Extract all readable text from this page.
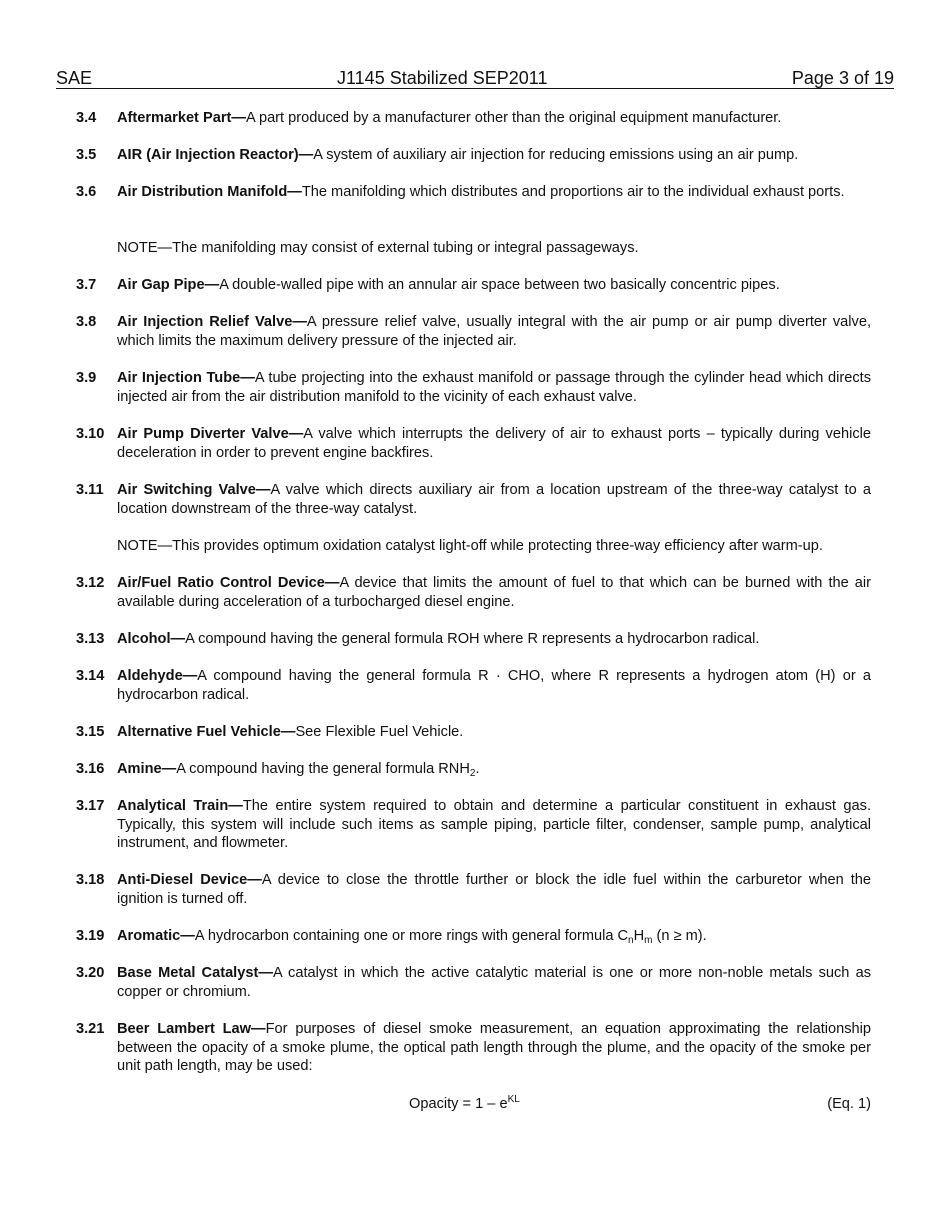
SAE	J1145 Stabilized SEP2011	Page 3 of 19
3.4 Aftermarket Part—A part produced by a manufacturer other than the original equipment manufacturer.
3.5 AIR (Air Injection Reactor)—A system of auxiliary air injection for reducing emissions using an air pump.
3.6 Air Distribution Manifold—The manifolding which distributes and proportions air to the individual exhaust ports.
NOTE—The manifolding may consist of external tubing or integral passageways.
3.7 Air Gap Pipe—A double-walled pipe with an annular air space between two basically concentric pipes.
3.8 Air Injection Relief Valve—A pressure relief valve, usually integral with the air pump or air pump diverter valve, which limits the maximum delivery pressure of the injected air.
3.9 Air Injection Tube—A tube projecting into the exhaust manifold or passage through the cylinder head which directs injected air from the air distribution manifold to the vicinity of each exhaust valve.
3.10 Air Pump Diverter Valve—A valve which interrupts the delivery of air to exhaust ports – typically during vehicle deceleration in order to prevent engine backfires.
3.11 Air Switching Valve—A valve which directs auxiliary air from a location upstream of the three-way catalyst to a location downstream of the three-way catalyst.
NOTE—This provides optimum oxidation catalyst light-off while protecting three-way efficiency after warm-up.
3.12 Air/Fuel Ratio Control Device—A device that limits the amount of fuel to that which can be burned with the air available during acceleration of a turbocharged diesel engine.
3.13 Alcohol—A compound having the general formula ROH where R represents a hydrocarbon radical.
3.14 Aldehyde—A compound having the general formula R · CHO, where R represents a hydrogen atom (H) or a hydrocarbon radical.
3.15 Alternative Fuel Vehicle—See Flexible Fuel Vehicle.
3.16 Amine—A compound having the general formula $RNH_2$.
3.17 Analytical Train—The entire system required to obtain and determine a particular constituent in exhaust gas. Typically, this system will include such items as sample piping, particle filter, condenser, sample pump, analytical instrument, and flowmeter.
3.18 Anti-Diesel Device—A device to close the throttle further or block the idle fuel within the carburetor when the ignition is turned off.
3.19 Aromatic—A hydrocarbon containing one or more rings with general formula $C_nH_m$ (n ≥ m).
3.20 Base Metal Catalyst—A catalyst in which the active catalytic material is one or more non-noble metals such as copper or chromium.
3.21 Beer Lambert Law—For purposes of diesel smoke measurement, an equation approximating the relationship between the opacity of a smoke plume, the optical path length through the plume, and the opacity of the smoke per unit path length, may be used:
Opacity = $1 - e^{KL}$	(Eq. 1)
